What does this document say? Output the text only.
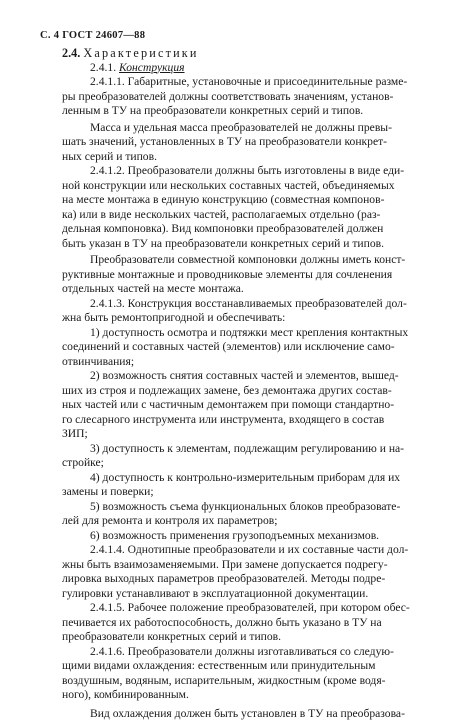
С. 4 ГОСТ 24607—88
2.4. Характеристики
2.4.1. Конструкция
2.4.1.1. Габаритные, установочные и присоединительные разме-
ры преобразователей должны соответствовать значениям, установ-
ленным в ТУ на преобразователи конкретных серий и типов.
Масса и удельная масса преобразователей не должны превы-
шать значений, установленных в ТУ на преобразователи конкрет-
ных серий и типов.
2.4.1.2. Преобразователи должны быть изготовлены в виде еди-
ной конструкции или нескольких составных частей, объединяемых
на месте монтажа в единую конструкцию (совместная компонов-
ка) или в виде нескольких частей, располагаемых отдельно (раз-
дельная компоновка). Вид компоновки преобразователей должен
быть указан в ТУ на преобразователи конкретных серий и типов.
Преобразователи совместной компоновки должны иметь конст-
руктивные монтажные и проводниковые элементы для сочленения
отдельных частей на месте монтажа.
2.4.1.3. Конструкция восстанавливаемых преобразователей дол-
жна быть ремонтопригодной и обеспечивать:
1) доступность осмотра и подтяжки мест крепления контактных
соединений и составных частей (элементов) или исключение само-
отвинчивания;
2) возможность снятия составных частей и элементов, вышед-
ших из строя и подлежащих замене, без демонтажа других состав-
ных частей или с частичным демонтажем при помощи стандартно-
го слесарного инструмента или инструмента, входящего в состав
ЗИП;
3) доступность к элементам, подлежащим регулированию и на-
стройке;
4) доступность к контрольно-измерительным приборам для их
замены и поверки;
5) возможность съема функциональных блоков преобразовате-
лей для ремонта и контроля их параметров;
6) возможность применения грузоподъемных механизмов.
2.4.1.4. Однотипные преобразователи и их составные части дол-
жны быть взаимозаменяемыми. При замене допускается подрегу-
лировка выходных параметров преобразователей. Методы подре-
гулировки устанавливают в эксплуатационной документации.
2.4.1.5. Рабочее положение преобразователей, при котором обес-
печивается их работоспособность, должно быть указано в ТУ на
преобразователи конкретных серий и типов.
2.4.1.6. Преобразователи должны изготавливаться со следую-
щими видами охлаждения: естественным или принудительным
воздушным, водяным, испарительным, жидкостным (кроме водя-
ного), комбинированным.
Вид охлаждения должен быть установлен в ТУ на преобразова-
